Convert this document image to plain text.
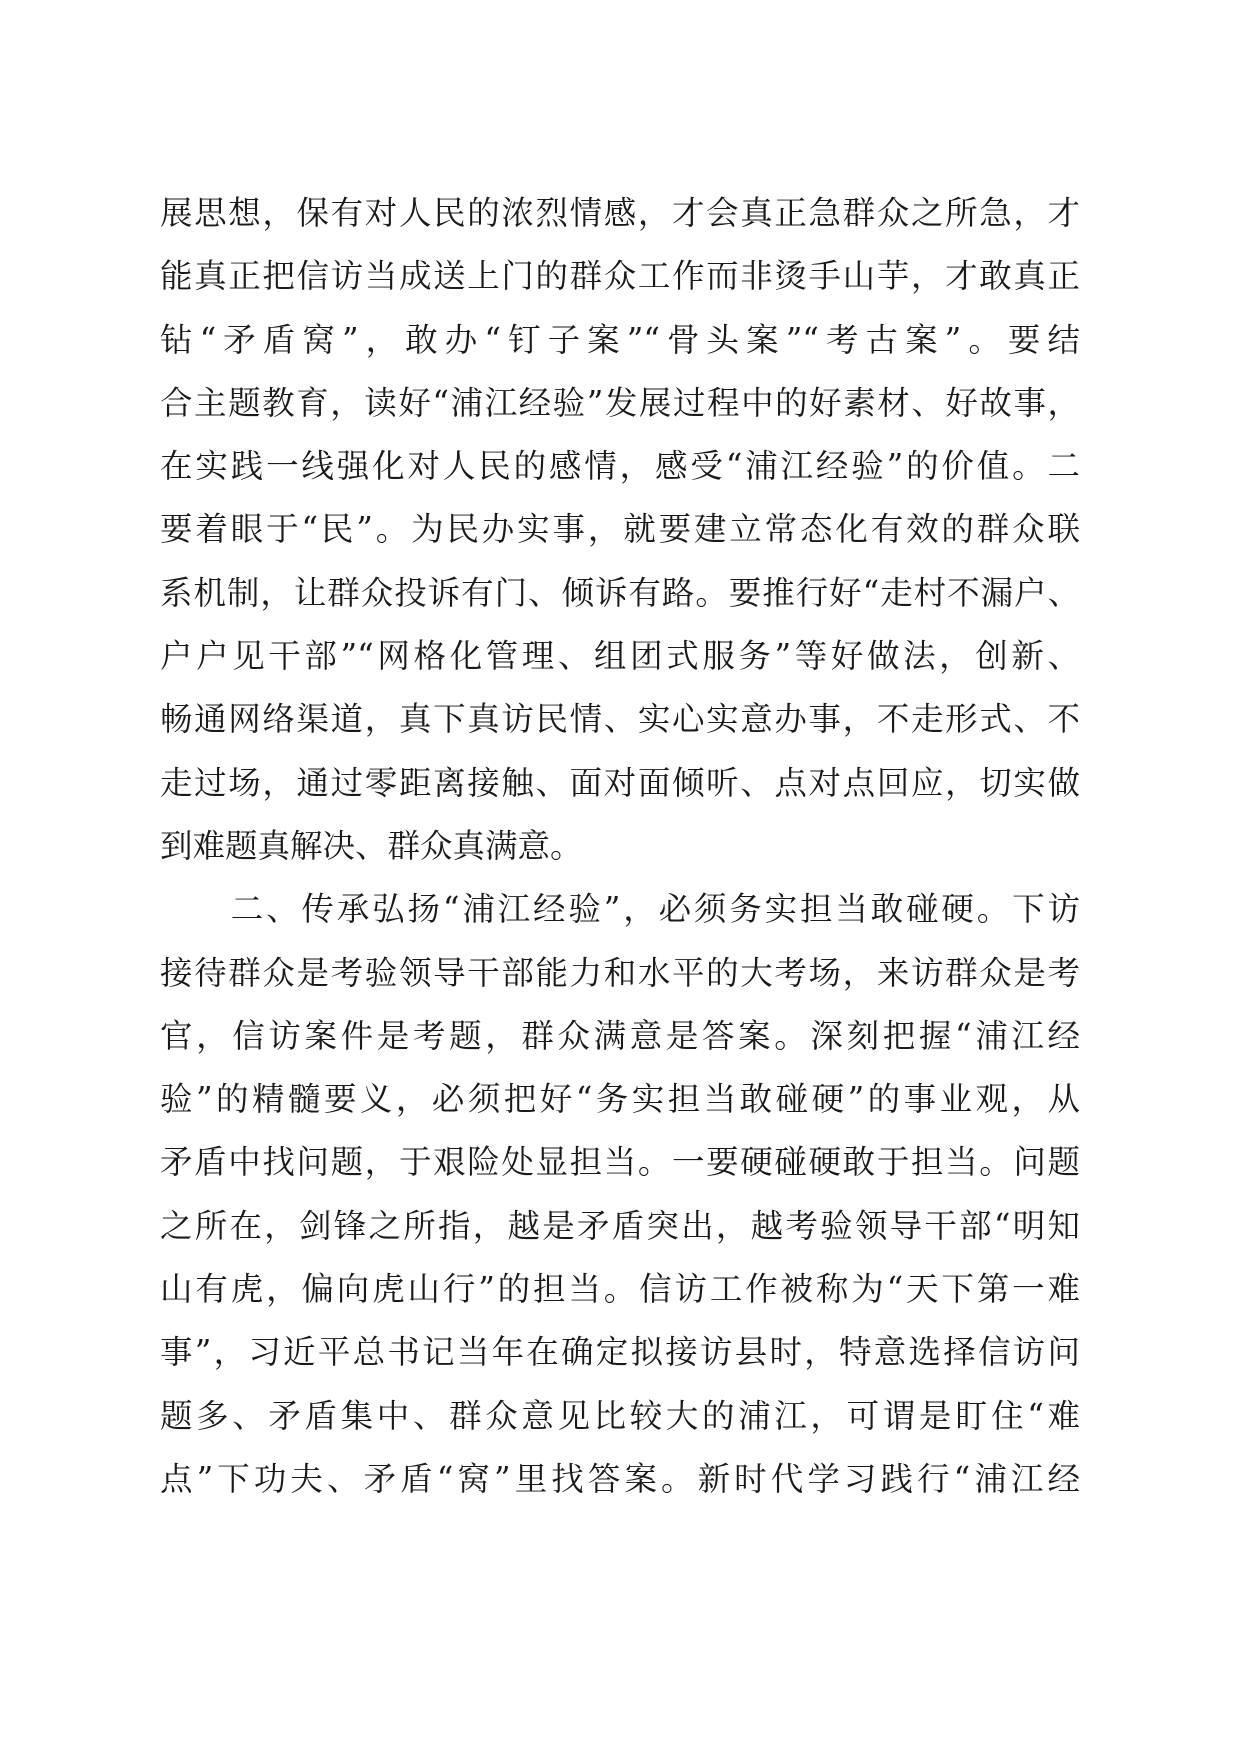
展思想，保有对人民的浓烈情感，才会真正急群众之所急，才
能真正把信访当成送上门的群众工作而非烫手山芋，才敢真正
钻“矛盾窝”，敢办“钉子案”“骨头案”“考古案”。要结
合主题教育，读好“浦江经验”发展过程中的好素材、好故事，
在实践一线强化对人民的感情，感受“浦江经验”的价值。二
要着眼于“民”。为民办实事，就要建立常态化有效的群众联
系机制，让群众投诉有门、倾诉有路。要推行好“走村不漏户、
户户见干部”“网格化管理、组团式服务”等好做法，创新、
畅通网络渠道，真下真访民情、实心实意办事，不走形式、不
走过场，通过零距离接触、面对面倾听、点对点回应，切实做
到难题真解决、群众真满意。
　　二、传承弘扬“浦江经验”，必须务实担当敢碰硬。下访
接待群众是考验领导干部能力和水平的大考场，来访群众是考
官，信访案件是考题，群众满意是答案。深刻把握“浦江经
验”的精髓要义，必须把好“务实担当敢碰硬”的事业观，从
矛盾中找问题，于艰险处显担当。一要硬碰硬敢于担当。问题
之所在，剑锋之所指，越是矛盾突出，越考验领导干部“明知
山有虎，偏向虎山行”的担当。信访工作被称为“天下第一难
事”，习近平总书记当年在确定拟接访县时，特意选择信访问
题多、矛盾集中、群众意见比较大的浦江，可谓是盯住“难
点”下功夫、矛盾“窝”里找答案。新时代学习践行“浦江经
